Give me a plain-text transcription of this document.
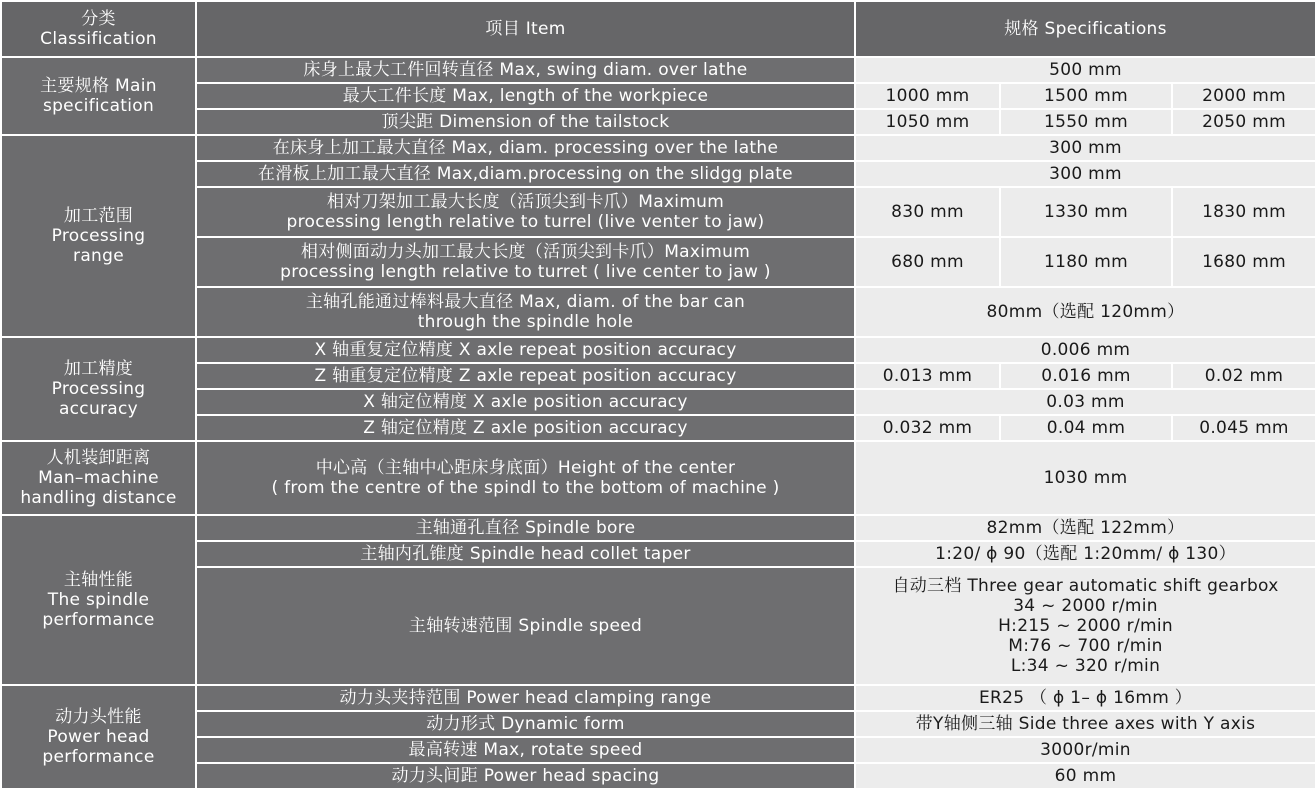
分类
Classification	项目 Item	规格 Specifications		
主要规格 Main
specification	床身上最大工件回转直径 Max, swing diam. over lathe	500 mm		
	最大工件长度 Max, length of the workpiece	1000 mm	1500 mm	2000 mm
	顶尖距 Dimension of the tailstock	1050 mm	1550 mm	2050 mm
加工范围
Processing
range	在床身上加工最大直径 Max, diam. processing over the lathe	300 mm		
	在滑板上加工最大直径 Max,diam.processing on the slidgg plate	300 mm		
	相对刀架加工最大长度（活顶尖到卡爪）Maximum
processing length relative to turrel (live venter to jaw)	830 mm	1330 mm	1830 mm
	相对侧面动力头加工最大长度（活顶尖到卡爪）Maximum
processing length relative to turret ( live center to jaw )	680 mm	1180 mm	1680 mm
	主轴孔能通过棒料最大直径 Max, diam. of the bar can
through the spindle hole	80mm（选配 120mm）		
加工精度
Processing
accuracy	X 轴重复定位精度 X axle repeat position accuracy	0.006 mm		
	Z 轴重复定位精度 Z axle repeat position accuracy	0.013 mm	0.016 mm	0.02 mm
	X 轴定位精度 X axle position accuracy	0.03 mm		
	Z 轴定位精度 Z axle position accuracy	0.032 mm	0.04 mm	0.045 mm
人机装卸距离
Man–machine
handling distance	中心高（主轴中心距床身底面）Height of the center
( from the centre of the spindl to the bottom of machine )	1030 mm		
主轴性能
The spindle
performance	主轴通孔直径 Spindle bore	82mm（选配 122mm）		
	主轴内孔锥度 Spindle head collet taper	1:20/ ϕ 90（选配 1:20mm/ ϕ 130）		
	主轴转速范围 Spindle speed	自动三档 Three gear automatic shift gearbox
34 ~ 2000 r/min
H:215 ~ 2000 r/min
M:76 ~ 700 r/min
L:34 ~ 320 r/min		
动力头性能
Power head
performance	动力头夹持范围 Power head clamping range	ER25 （ ϕ 1– ϕ 16mm ）		
	动力形式 Dynamic form	带Y轴侧三轴 Side three axes with Y axis		
	最高转速 Max, rotate speed	3000r/min		
	动力头间距 Power head spacing	60 mm		
